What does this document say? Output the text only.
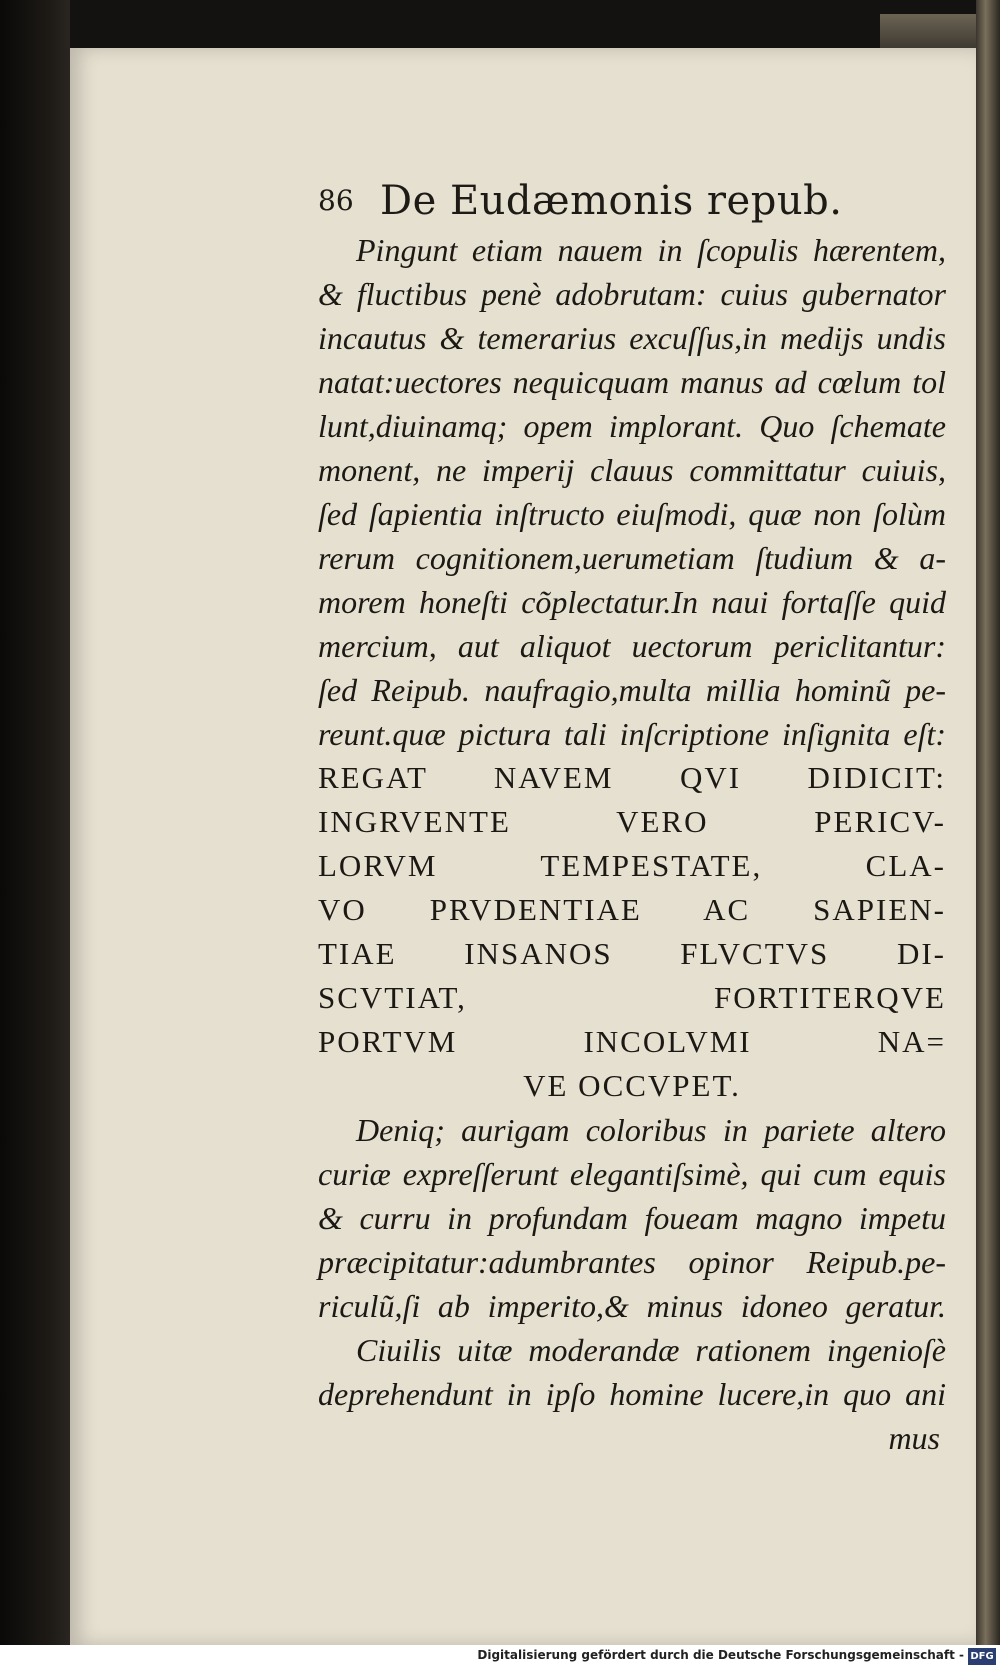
86 De Eudæmonis repub.
Pingunt etiam nauem in ſcopulis hærentem,
& fluctibus penè adobrutam: cuius gubernator
incautus & temerarius excuſſus,in medijs undis
natat:uectores nequicquam manus ad cœlum tol
lunt,diuinamq; opem implorant. Quo ſchemate
monent, ne imperij clauus committatur cuiuis,
ſed ſapientia inſtructo eiuſmodi, quæ non ſolùm
rerum cognitionem,uerumetiam ſtudium & a-
morem honeſti cõplectatur.In naui fortaſſe quid
mercium, aut aliquot uectorum periclitantur:
ſed Reipub. naufragio,multa millia hominũ pe-
reunt.quæ pictura tali inſcriptione inſignita eſt:
REGAT NAVEM QVI DIDICIT:
INGRVENTE VERO PERICV-
LORVM TEMPESTATE, CLA-
VO PRVDENTIAE AC SAPIEN-
TIAE INSANOS FLVCTVS DI-
SCVTIAT, FORTITERQVE
PORTVM INCOLVMI NA=
VE OCCVPET.
Deniq; aurigam coloribus in pariete altero
curiæ expreſſerunt elegantiſsimè, qui cum equis
& curru in profundam foueam magno impetu
præcipitatur:adumbrantes opinor Reipub.pe-
riculũ,ſi ab imperito,& minus idoneo geratur.
Ciuilis uitæ moderandæ rationem ingenioſè
deprehendunt in ipſo homine lucere,in quo ani
mus
Digitalisierung gefördert durch die Deutsche Forschungsgemeinschaft - DFG
